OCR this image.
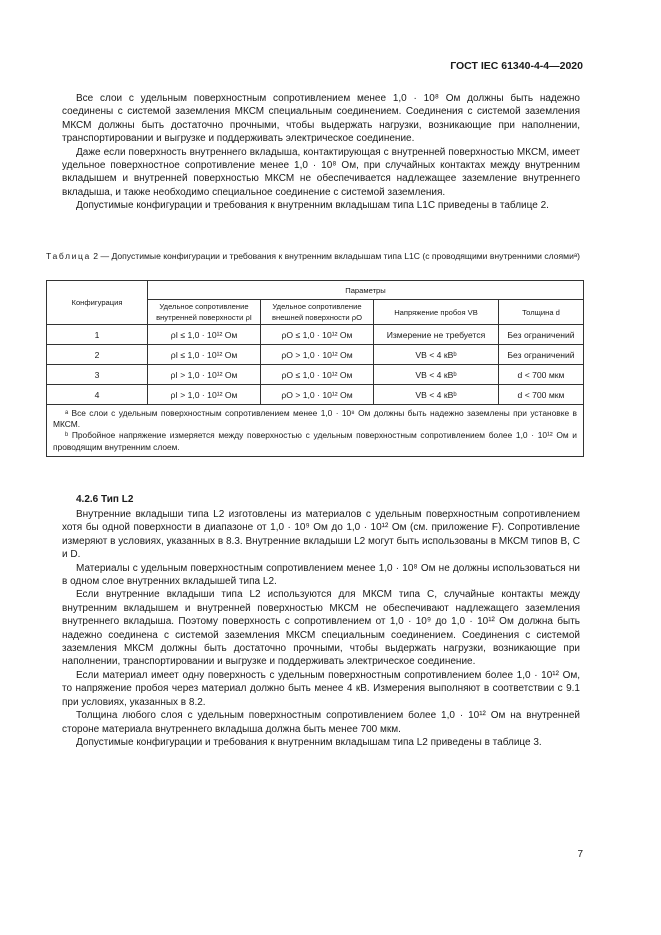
ГОСТ IEC 61340-4-4—2020

Все слои с удельным поверхностным сопротивлением менее 1,0 · 10⁸ Ом должны быть надежно соединены с системой заземления МКСМ специальным соединением. Соединения с системой заземления МКСМ должны быть достаточно прочными, чтобы выдержать нагрузки, возникающие при наполнении, транспортировании и выгрузке и поддерживать электрическое соединение.

Даже если поверхность внутреннего вкладыша, контактирующая с внутренней поверхностью МКСМ, имеет удельное поверхностное сопротивление менее 1,0 · 10⁸ Ом, при случайных контактах между внутренним вкладышем и внутренней поверхностью МКСМ не обеспечивается надлежащее заземление внутреннего вкладыша, и также необходимо специальное соединение с системой заземления.

Допустимые конфигурации и требования к внутренним вкладышам типа L1C приведены в таблице 2.

Таблица 2 — Допустимые конфигурации и требования к внутренним вкладышам типа L1C (с проводящими внутренними слоямиᵃ)
Конфигурация	Параметры			
	Удельное сопротивление внутренней поверхности ρI	Удельное сопротивление внешней поверхности ρO	Напряжение пробоя VB	Толщина d
1	ρI ≤ 1,0 · 10¹² Ом	ρO ≤ 1,0 · 10¹² Ом	Измерение не требуется	Без ограничений
2	ρI ≤ 1,0 · 10¹² Ом	ρO > 1,0 · 10¹² Ом	VB < 4 кВᵇ	Без ограничений
3	ρI > 1,0 · 10¹² Ом	ρO ≤ 1,0 · 10¹² Ом	VB < 4 кВᵇ	d < 700 мкм
4	ρI > 1,0 · 10¹² Ом	ρO > 1,0 · 10¹² Ом	VB < 4 кВᵇ	d < 700 мкм

ᵃ Все слои с удельным поверхностным сопротивлением менее 1,0 · 10⁸ Ом должны быть надежно заземлены при установке в МКСМ.

ᵇ Пробойное напряжение измеряется между поверхностью с удельным поверхностным сопротивлением более 1,0 · 10¹² Ом и проводящим внутренним слоем.				

4.2.6 Тип L2

Внутренние вкладыши типа L2 изготовлены из материалов с удельным поверхностным сопротивлением хотя бы одной поверхности в диапазоне от 1,0 · 10⁹ Ом до 1,0 · 10¹² Ом (см. приложение F). Сопротивление измеряют в условиях, указанных в 8.3. Внутренние вкладыши L2 могут быть использованы в МКСМ типов B, C и D.

Материалы с удельным поверхностным сопротивлением менее 1,0 · 10⁸ Ом не должны использоваться ни в одном слое внутренних вкладышей типа L2.

Если внутренние вкладыши типа L2 используются для МКСМ типа C, случайные контакты между внутренним вкладышем и внутренней поверхностью МКСМ не обеспечивают надлежащего заземления внутреннего вкладыша. Поэтому поверхность с сопротивлением от 1,0 · 10⁹ до 1,0 · 10¹² Ом должна быть надежно соединена с системой заземления МКСМ специальным соединением. Соединения с системой заземления МКСМ должны быть достаточно прочными, чтобы выдержать нагрузки, возникающие при наполнении, транспортировании и выгрузке и поддерживать электрическое соединение.

Если материал имеет одну поверхность с удельным поверхностным сопротивлением более 1,0 · 10¹² Ом, то напряжение пробоя через материал должно быть менее 4 кВ. Измерения выполняют в соответствии с 9.1 при условиях, указанных в 8.2.

Толщина любого слоя с удельным поверхностным сопротивлением более 1,0 · 10¹² Ом на внутренней стороне материала внутреннего вкладыша должна быть менее 700 мкм.

Допустимые конфигурации и требования к внутренним вкладышам типа L2 приведены в таблице 3.

7
